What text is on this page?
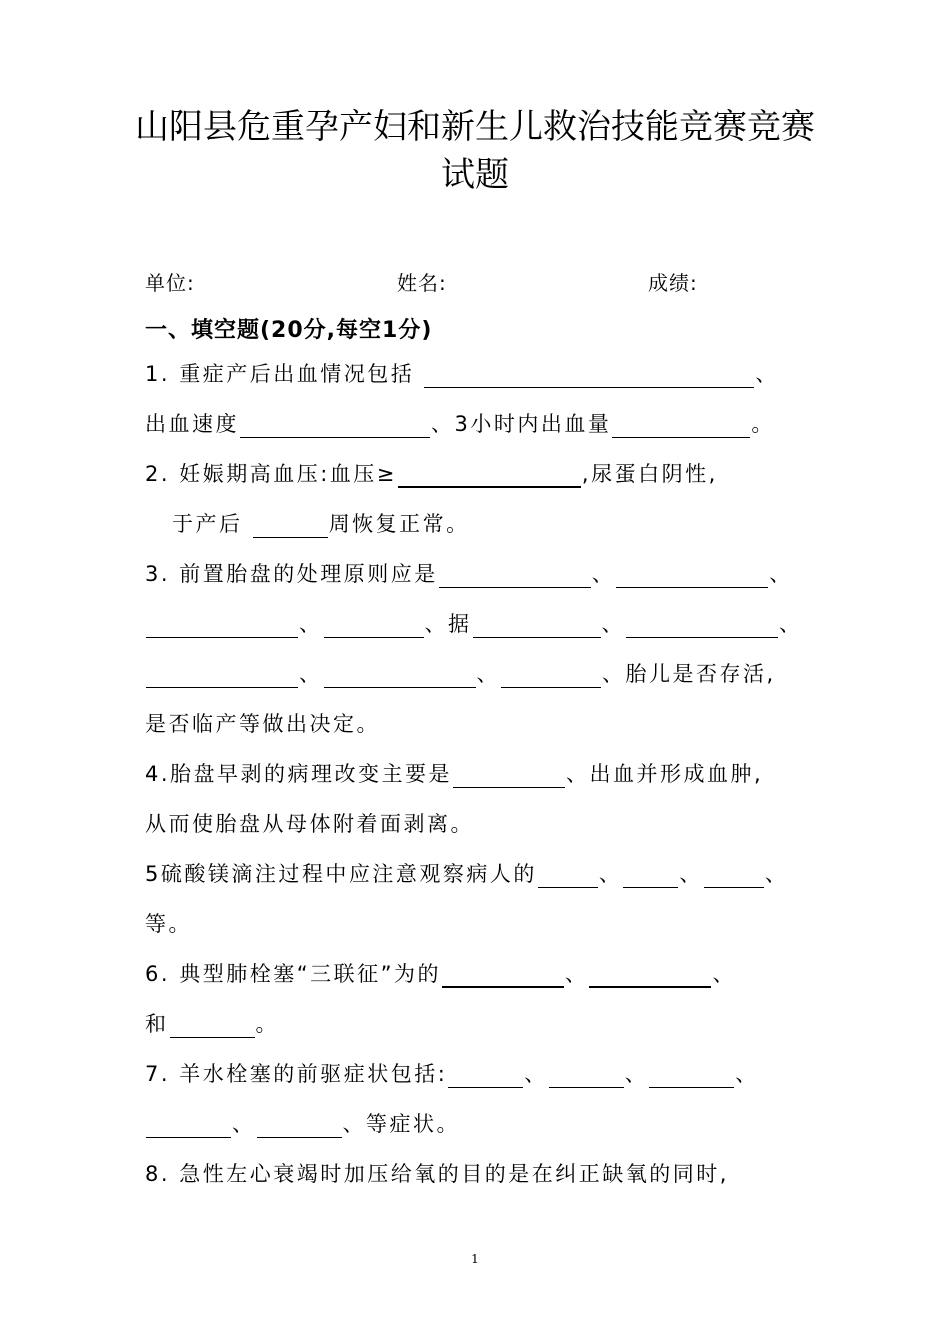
山阳县危重孕产妇和新生儿救治技能竞赛竞赛
试题
单位:	姓名:	成绩:
一、填空题(20分,每空1分)
1. 重症产后出血情况包括	、
出血速度	、3小时内出血量	。
2. 妊娠期高血压:血压≥	,尿蛋白阴性,
于产后	周恢复正常。
3. 前置胎盘的处理原则应是	、	、
、	、据	、	、
、	、	、胎儿是否存活,
是否临产等做出决定。
4.胎盘早剥的病理改变主要是	、出血并形成血肿,
从而使胎盘从母体附着面剥离。
5硫酸镁滴注过程中应注意观察病人的	、	、	、
等。
6. 典型肺栓塞“三联征”为的	、	、
和	。
7. 羊水栓塞的前驱症状包括:	、	、	、
、	、等症状。
8. 急性左心衰竭时加压给氧的目的是在纠正缺氧的同时,
1
